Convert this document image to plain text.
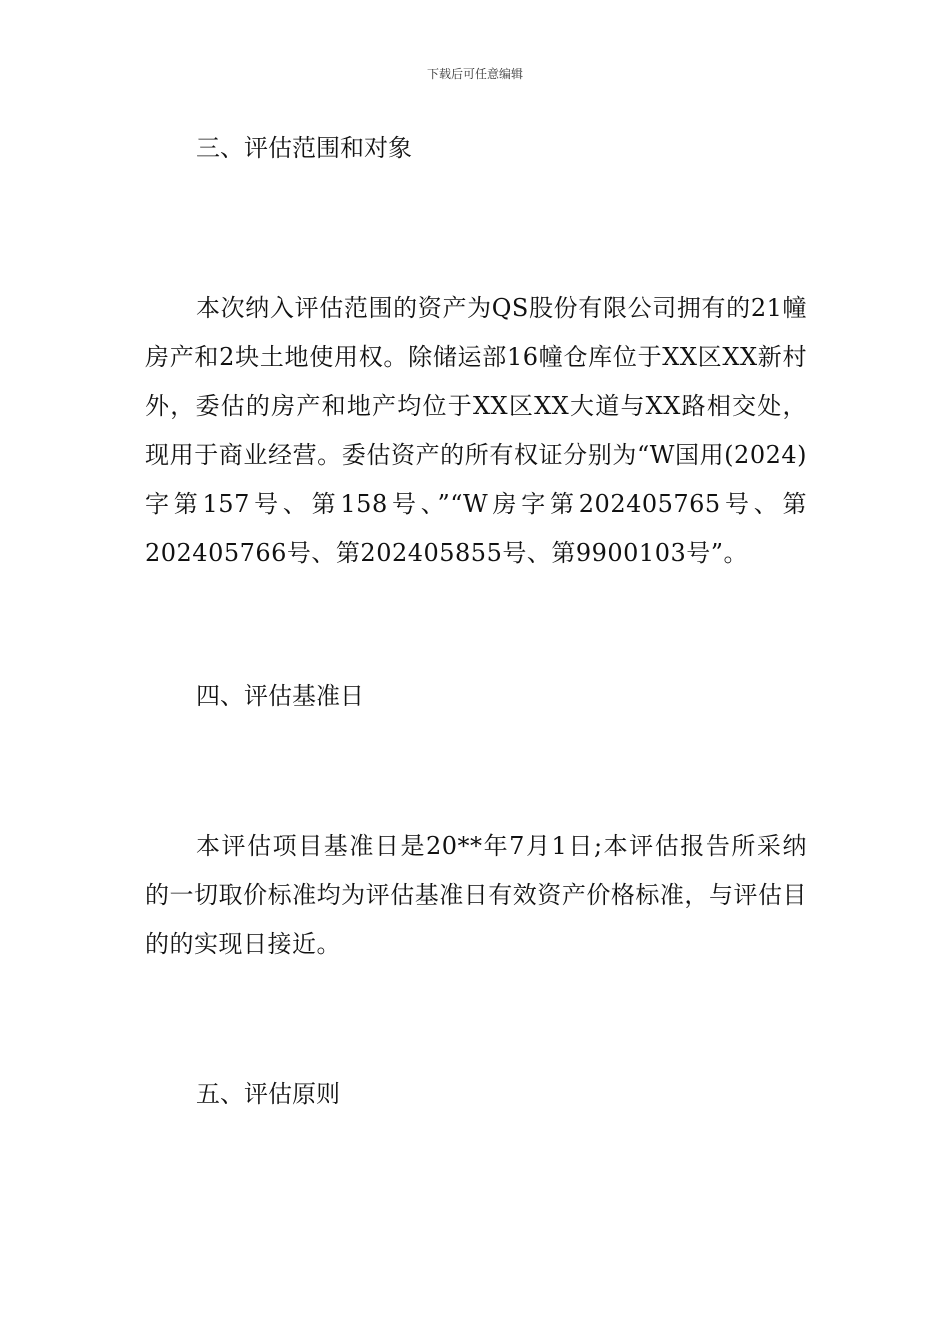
下载后可任意编辑
三、评估范围和对象

本次纳入评估范围的资产为QS股份有限公司拥有的21幢房产和2块土地使用权。除储运部16幢仓库位于XX区XX新村外，委估的房产和地产均位于XX区XX大道与XX路相交处，现用于商业经营。委估资产的所有权证分别为“W国用(2024)字第157号、第158号、”“W房字第202405765号、第202405766号、第202405855号、第9900103号”。

四、评估基准日

本评估项目基准日是20**年7月1日;本评估报告所采纳的一切取价标准均为评估基准日有效资产价格标准，与评估目的的实现日接近。

五、评估原则
